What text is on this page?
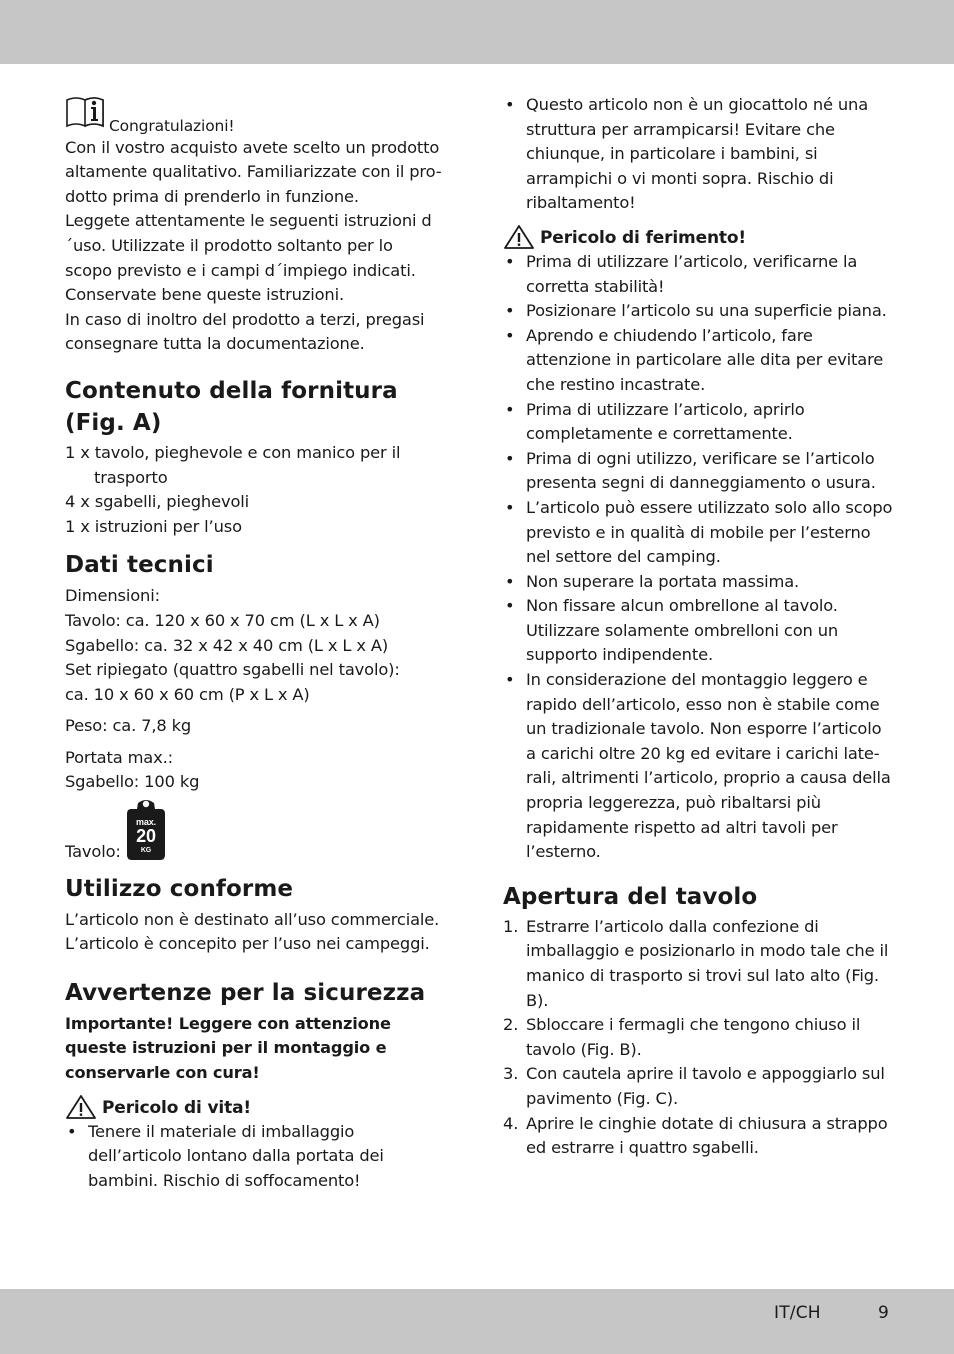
Congratulazioni!

Con il vostro acquisto avete scelto un prodotto altamente qualitativo. Familiarizzate con il pro-dotto prima di prenderlo in funzione.

Leggete attentamente le seguenti istruzioni d´uso. Utilizzate il prodotto soltanto per lo scopo previsto e i campi d´impiego indicati. Conservate bene queste istruzioni.

In caso di inoltro del prodotto a terzi, pregasi consegnare tutta la documentazione.

Contenuto della fornitura (Fig. A)
1 x tavolo, pieghevole e con manico per il trasporto
4 x sgabelli, pieghevoli
1 x istruzioni per l’uso
Dati tecnici
Dimensioni:
Tavolo: ca. 120 x 60 x 70 cm (L x L x A)
Sgabello: ca. 32 x 42 x 40 cm (L x L x A)
Set ripiegato (quattro sgabelli nel tavolo):
ca. 10 x 60 x 60 cm (P x L x A)
Peso: ca. 7,8 kg
Portata max.:
Sgabello: 100 kg
Tavolo:
max.
20
KG
Utilizzo conforme
L’articolo non è destinato all’uso commerciale.
L’articolo è concepito per l’uso nei campeggi.
Avvertenze per la sicurezza

Importante! Leggere con attenzione queste istruzioni per il montaggio e conservarle con cura!

Pericolo di vita!
• Tenere il materiale di imballaggio dell’articolo lontano dalla portata dei bambini. Rischio di soffocamento!
• Questo articolo non è un giocattolo né una struttura per arrampicarsi! Evitare che chiunque, in particolare i bambini, si arrampichi o vi monti sopra. Rischio di ribaltamento!
Pericolo di ferimento!
• Prima di utilizzare l’articolo, verificarne la corretta stabilità!
• Posizionare l’articolo su una superficie piana.
• Aprendo e chiudendo l’articolo, fare attenzione in particolare alle dita per evitare che restino incastrate.
• Prima di utilizzare l’articolo, aprirlo completamente e correttamente.
• Prima di ogni utilizzo, verificare se l’articolo presenta segni di danneggiamento o usura.
• L’articolo può essere utilizzato solo allo scopo previsto e in qualità di mobile per l’esterno nel settore del camping.
• Non superare la portata massima.
• Non fissare alcun ombrellone al tavolo. Utilizzare solamente ombrelloni con un supporto indipendente.
• In considerazione del montaggio leggero e rapido dell’articolo, esso non è stabile come un tradizionale tavolo. Non esporre l’articolo a carichi oltre 20 kg ed evitare i carichi late-rali, altrimenti l’articolo, proprio a causa della propria leggerezza, può ribaltarsi più rapidamente rispetto ad altri tavoli per l’esterno.
Apertura del tavolo
1. Estrarre l’articolo dalla confezione di imballaggio e posizionarlo in modo tale che il manico di trasporto si trovi sul lato alto (Fig. B).
2. Sbloccare i fermagli che tengono chiuso il tavolo (Fig. B).
3. Con cautela aprire il tavolo e appoggiarlo sul pavimento (Fig. C).
4. Aprire le cinghie dotate di chiusura a strappo ed estrarre i quattro sgabelli.
IT/CH	9
